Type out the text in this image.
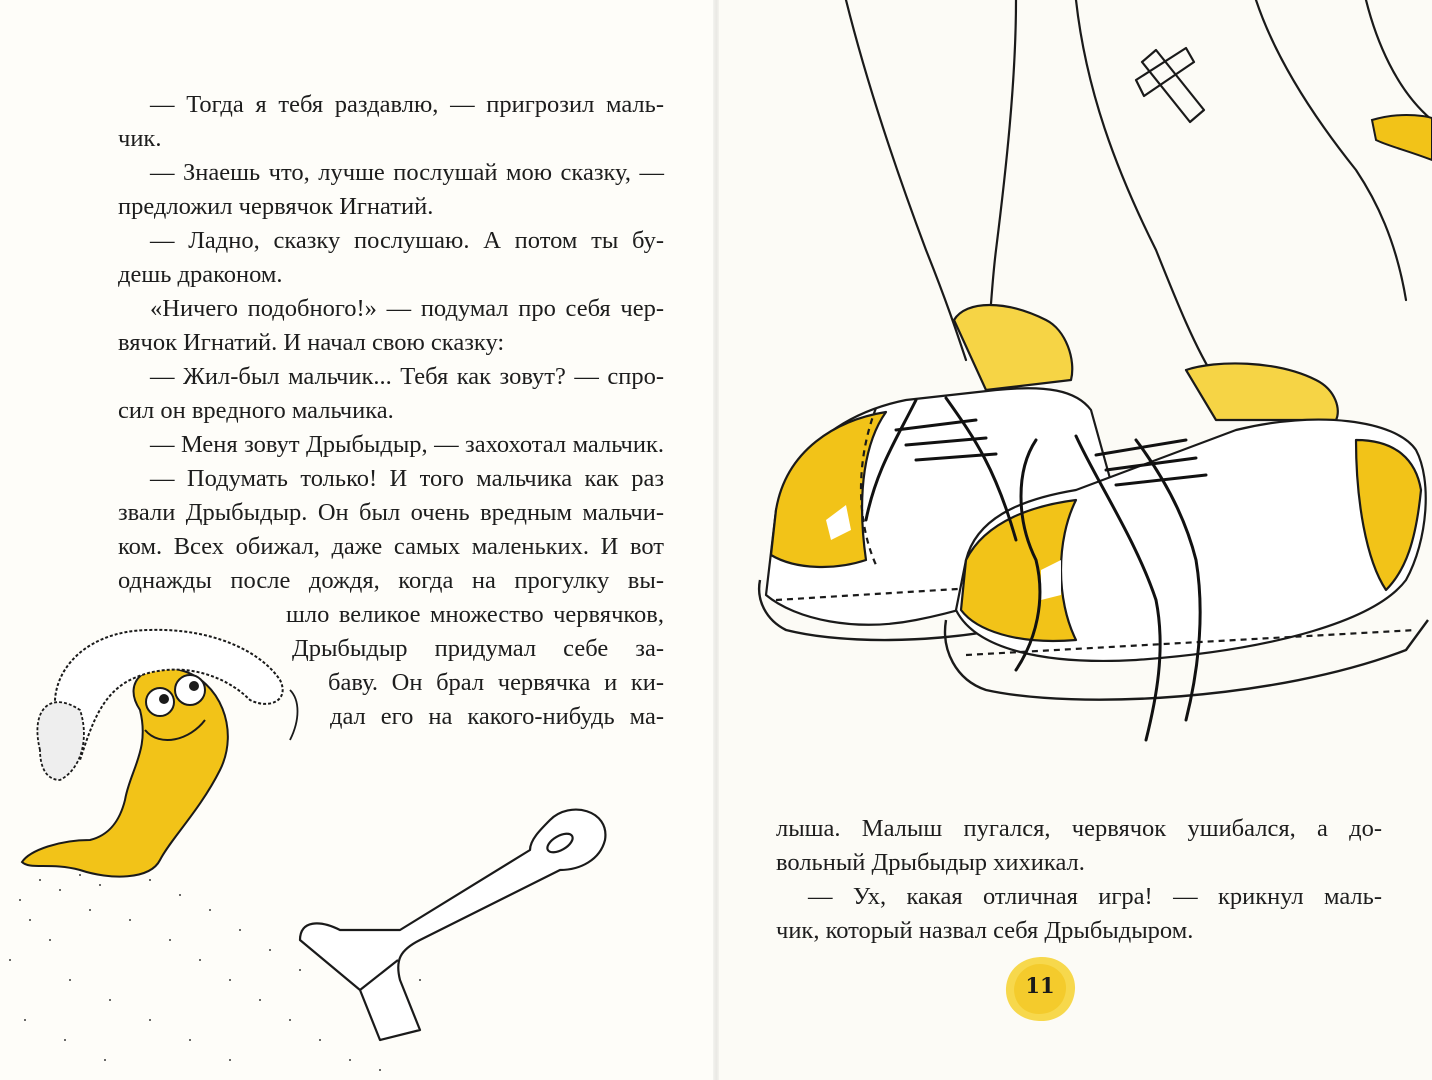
— Тогда я тебя раздавлю, — пригрозил маль-
чик.
— Знаешь что, лучше послушай мою сказку, —
предложил червячок Игнатий.
— Ладно, сказку послушаю. А потом ты бу-
дешь драконом.
«Ничего подобного!» — подумал про себя чер-
вячок Игнатий. И начал свою сказку:
— Жил-был мальчик... Тебя как зовут? — спро-
сил он вредного мальчика.
— Меня зовут Дрыбыдыр, — захохотал мальчик.
— Подумать только! И того мальчика как раз
звали Дрыбыдыр. Он был очень вредным мальчи-
ком. Всех обижал, даже самых маленьких. И вот
однажды после дождя, когда на прогулку вы-
шло великое множество червячков,
Дрыбыдыр придумал себе за-
баву. Он брал червячка и ки-
дал его на какого-нибудь ма-
лыша. Малыш пугался, червячок ушибался, а до-
вольный Дрыбыдыр хихикал.
— Ух, какая отличная игра! — крикнул маль-
чик, который назвал себя Дрыбыдыром.
11
